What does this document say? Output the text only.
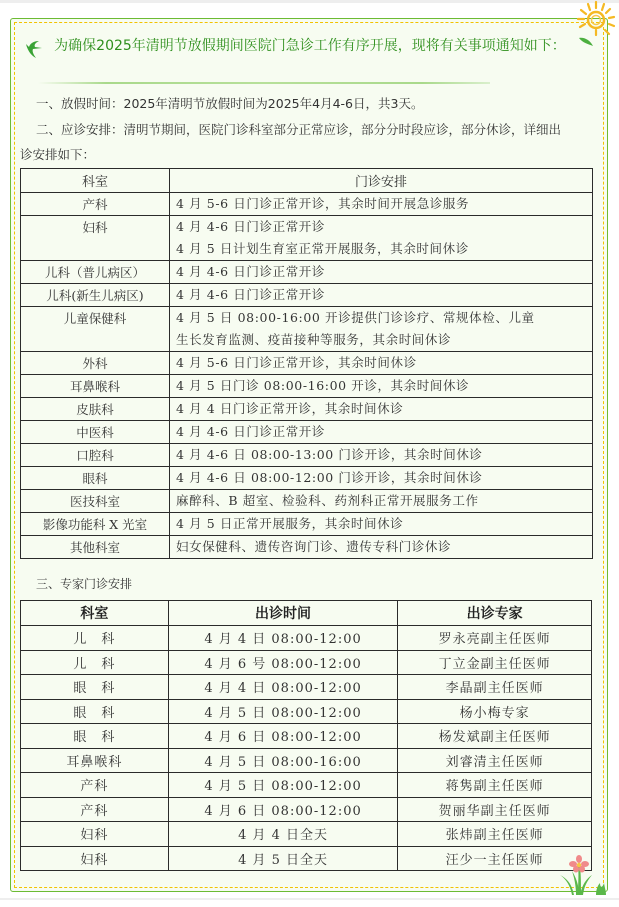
为确保2025年清明节放假期间医院门急诊工作有序开展，现将有关事项通知如下：
一、放假时间：2025年清明节放假时间为2025年4月4-6日，共3天。
二、应诊安排：清明节期间，医院门诊科室部分正常应诊，部分分时段应诊，部分休诊，详细出
诊安排如下：
科室	门诊安排
产科	4 月 5-6 日门诊正常开诊，其余时间开展急诊服务

妇科	4 月 4-6 日门诊正常开诊
4 月 5 日计划生育室正常开展服务，其余时间休诊

儿科（普儿病区）	4 月 4-6 日门诊正常开诊

儿科(新生儿病区)	4 月 4-6 日门诊正常开诊

儿童保健科	4 月 5 日 08:00-16:00 开诊提供门诊诊疗、常规体检、儿童
生长发育监测、疫苗接种等服务，其余时间休诊

外科	4 月 5-6 日门诊正常开诊，其余时间休诊

耳鼻喉科	4 月 5 日门诊 08:00-16:00 开诊，其余时间休诊

皮肤科	4 月 4 日门诊正常开诊，其余时间休诊

中医科	4 月 4-6 日门诊正常开诊

口腔科	4 月 4-6 日 08:00-13:00 门诊开诊，其余时间休诊

眼科	4 月 4-6 日 08:00-12:00 门诊开诊，其余时间休诊

医技科室	麻醉科、B 超室、检验科、药剂科正常开展服务工作

影像功能科 X 光室	4 月 5 日正常开展服务，其余时间休诊

其他科室	妇女保健科、遗传咨询门诊、遗传专科门诊休诊
三、专家门诊安排
科室	出诊时间	出诊专家
儿　科	4 月 4 日 08:00-12:00	罗永亮副主任医师
儿　科	4 月 6 号 08:00-12:00	丁立金副主任医师
眼　科	4 月 4 日 08:00-12:00	李晶副主任医师
眼　科	4 月 5 日 08:00-12:00	杨小梅专家
眼　科	4 月 6 日 08:00-12:00	杨发斌副主任医师
耳鼻喉科	4 月 5 日 08:00-16:00	刘睿清主任医师
产科	4 月 5 日 08:00-12:00	蒋隽副主任医师
产科	4 月 6 日 08:00-12:00	贺丽华副主任医师
妇科	4 月 4 日全天	张炜副主任医师
妇科	4 月 5 日全天	汪少一主任医师
